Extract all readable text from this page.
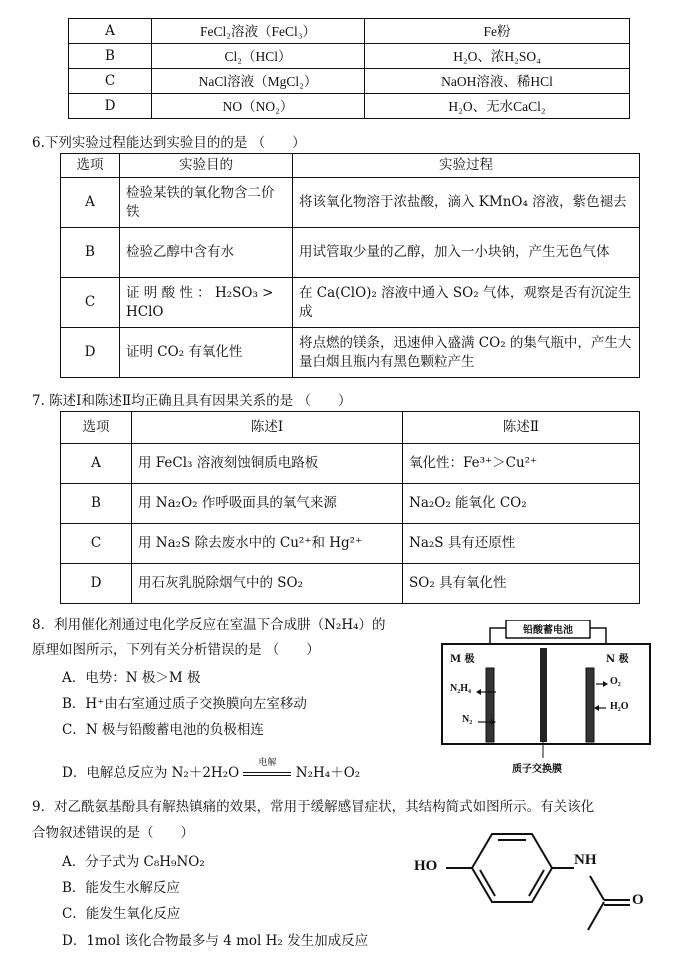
A	FeCl₂溶液（FeCl₃）	Fe粉
B	Cl₂（HCl）	H₂O、浓H₂SO₄
C	NaCl溶液（MgCl₂）	NaOH溶液、稀HCl
D	NO（NO₂）	H₂O、无水CaCl₂
6.下列实验过程能达到实验目的的是 （　　）
选项	实验目的	实验过程
A	检验某铁的氧化物含二价铁	将该氧化物溶于浓盐酸，滴入 KMnO₄ 溶液，紫色褪去
B	检验乙醇中含有水	用试管取少量的乙醇，加入一小块钠，产生无色气体
C	证 明 酸 性 ： H₂SO₃ > HClO	在 Ca(ClO)₂ 溶液中通入 SO₂ 气体，观察是否有沉淀生成
D	证明 CO₂ 有氧化性	将点燃的镁条，迅速伸入盛满 CO₂ 的集气瓶中，产生大量白烟且瓶内有黑色颗粒产生
7. 陈述Ⅰ和陈述Ⅱ均正确且具有因果关系的是 （　　）
选项	陈述Ⅰ	陈述Ⅱ
A	用 FeCl₃ 溶液刻蚀铜质电路板	氧化性：Fe³⁺＞Cu²⁺
B	用 Na₂O₂ 作呼吸面具的氧气来源	Na₂O₂ 能氧化 CO₂
C	用 Na₂S 除去废水中的 Cu²⁺和 Hg²⁺	Na₂S 具有还原性
D	用石灰乳脱除烟气中的 SO₂	SO₂ 具有氧化性
8．利用催化剂通过电化学反应在室温下合成肼（N₂H₄）的
原理如图所示，下列有关分析错误的是 （　　）
A．电势：N 极＞M 极
B．H⁺由右室通过质子交换膜向左室移动
C．N 极与铅酸蓄电池的负极相连
D．电解总反应为 N₂＋2H₂O
电解
N₂H₄＋O₂
铅酸蓄电池
M 极	N 极
N₂H₄
N₂
O₂
H₂O
质子交换膜
9．对乙酰氨基酚具有解热镇痛的效果，常用于缓解感冒症状，其结构简式如图所示。有关该化
合物叙述错误的是（　　）
A．分子式为 C₈H₉NO₂
B．能发生水解反应
C．能发生氧化反应
D．1mol 该化合物最多与 4 mol H₂ 发生加成反应
HO	NH
O
